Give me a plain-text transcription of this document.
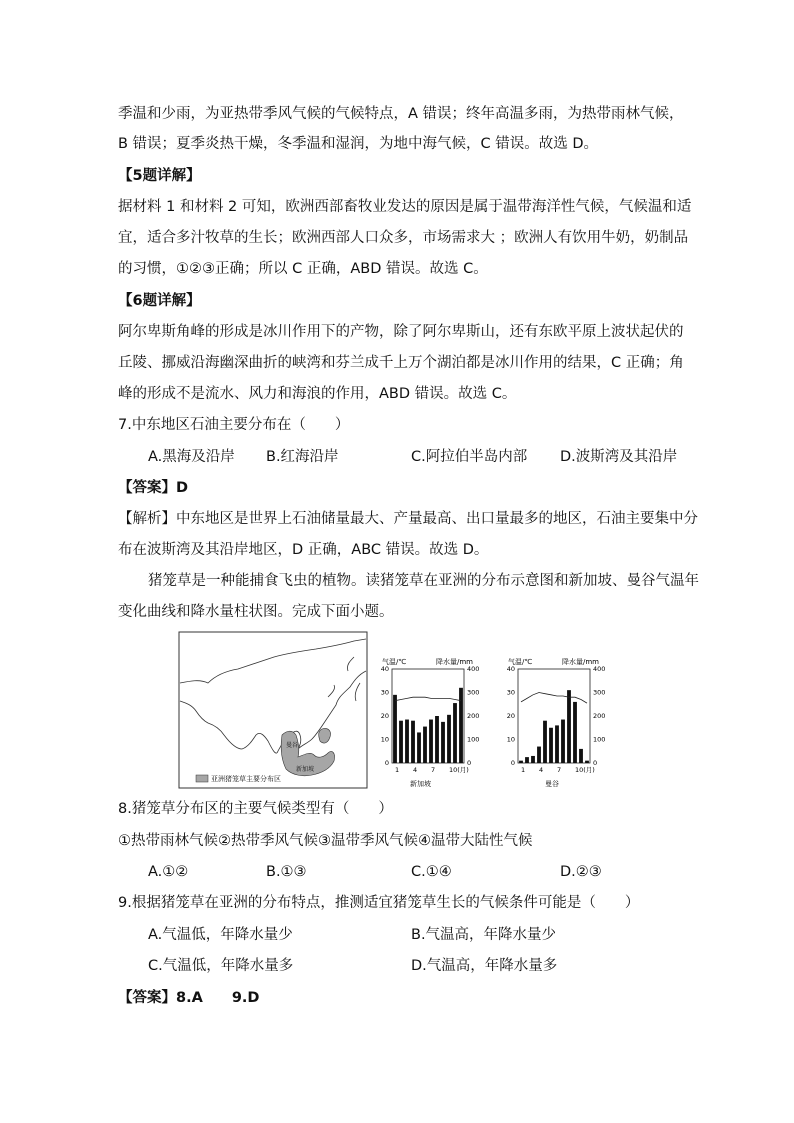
季温和少雨，为亚热带季风气候的气候特点，A 错误；终年高温多雨，为热带雨林气候，
B 错误；夏季炎热干燥，冬季温和湿润，为地中海气候，C 错误。故选 D。
【5题详解】
据材料 1 和材料 2 可知，欧洲西部畜牧业发达的原因是属于温带海洋性气候，气候温和适
宜，适合多汁牧草的生长；欧洲西部人口众多，市场需求大 ；欧洲人有饮用牛奶，奶制品
的习惯，①②③正确；所以 C 正确，ABD 错误。故选 C。
【6题详解】
阿尔卑斯角峰的形成是冰川作用下的产物，除了阿尔卑斯山，还有东欧平原上波状起伏的
丘陵、挪威沿海幽深曲折的峡湾和芬兰成千上万个湖泊都是冰川作用的结果，C 正确；角
峰的形成不是流水、风力和海浪的作用，ABD 错误。故选 C。
7.中东地区石油主要分布在（　　）
A.黑海及沿岸 B.红海沿岸	C.阿拉伯半岛内部 D.波斯湾及其沿岸
【答案】D
【解析】中东地区是世界上石油储量最大、产量最高、出口量最多的地区，石油主要集中分
布在波斯湾及其沿岸地区，D 正确，ABC 错误。故选 D。
猪笼草是一种能捕食飞虫的植物。读猪笼草在亚洲的分布示意图和新加坡、曼谷气温年
变化曲线和降水量柱状图。完成下面小题。
曼谷
新加坡
亚洲猪笼草主要分布区
气温/℃	降水量/mm
0
10
20
30
40
0
100
200
300
400
1 4 7 10(月)
新加坡
气温/℃	降水量/mm
0
10
20
30
40
0
100
200
300
400
1 4 7 10(月)
曼谷
8.猪笼草分布区的主要气候类型有（　　）
①热带雨林气候②热带季风气候③温带季风气候④温带大陆性气候
A.①②	B.①③	C.①④	D.②③
9.根据猪笼草在亚洲的分布特点，推测适宜猪笼草生长的气候条件可能是（　　）
A.气温低，年降水量少	B.气温高，年降水量少
C.气温低，年降水量多	D.气温高，年降水量多
【答案】8.A　　9.D
